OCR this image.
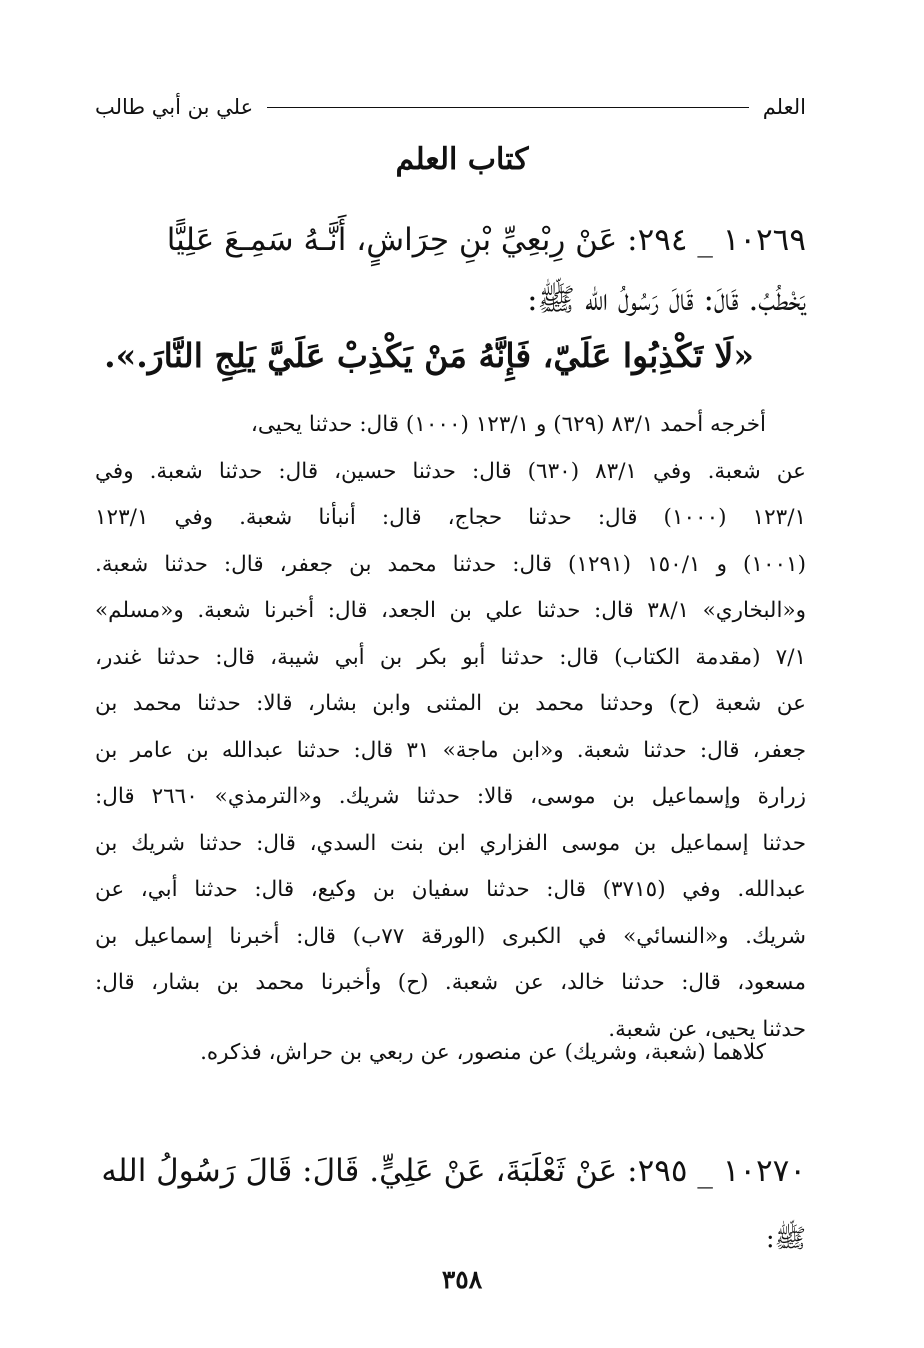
العلم
علي بن أبي طالب
كتاب العلم
١٠٢٦٩ _ ٢٩٤: عَنْ رِبْعِيِّ بْنِ حِرَاشٍ، أَنَّـهُ سَمِـعَ عَلِيًّا
يَخْطُبُ. قَالَ: قَالَ رَسُولُ الله ﷺ:
«لَا تَكْذِبُوا عَلَيّ، فَإِنَّهُ مَنْ يَكْذِبْ عَلَيَّ يَلِجِ النَّارَ.».
أخرجه أحمد ٨٣/١ (٦٢٩) و ١٢٣/١ (١٠٠٠) قال: حدثنا يحيى،
عن شعبة. وفي ٨٣/١ (٦٣٠) قال: حدثنا حسين، قال: حدثنا شعبة. وفي
١٢٣/١ (١٠٠٠) قال: حدثنا حجاج، قال: أنبأنا شعبة. وفي ١٢٣/١
(١٠٠١) و ١٥٠/١ (١٢٩١) قال: حدثنا محمد بن جعفر، قال: حدثنا شعبة.
و«البخاري» ٣٨/١ قال: حدثنا علي بن الجعد، قال: أخبرنا شعبة. و«مسلم»
٧/١ (مقدمة الكتاب) قال: حدثنا أبو بكر بن أبي شيبة، قال: حدثنا غندر،
عن شعبة (ح) وحدثنا محمد بن المثنى وابن بشار، قالا: حدثنا محمد بن
جعفر، قال: حدثنا شعبة. و«ابن ماجة» ٣١ قال: حدثنا عبدالله بن عامر بن
زرارة وإسماعيل بن موسى، قالا: حدثنا شريك. و«الترمذي» ٢٦٦٠ قال:
حدثنا إسماعيل بن موسى الفزاري ابن بنت السدي، قال: حدثنا شريك بن
عبدالله. وفي (٣٧١٥) قال: حدثنا سفيان بن وكيع، قال: حدثنا أبي، عن
شريك. و«النسائي» في الكبرى (الورقة ٧٧ب) قال: أخبرنا إسماعيل بن
مسعود، قال: حدثنا خالد، عن شعبة. (ح) وأخبرنا محمد بن بشار، قال:
حدثنا يحيى، عن شعبة.
كلاهما (شعبة، وشريك) عن منصور، عن ربعي بن حراش، فذكره.
١٠٢٧٠ _ ٢٩٥: عَنْ ثَعْلَبَةَ، عَنْ عَلِيٍّ. قَالَ: قَالَ رَسُولُ الله
ﷺ:
٣٥٨
